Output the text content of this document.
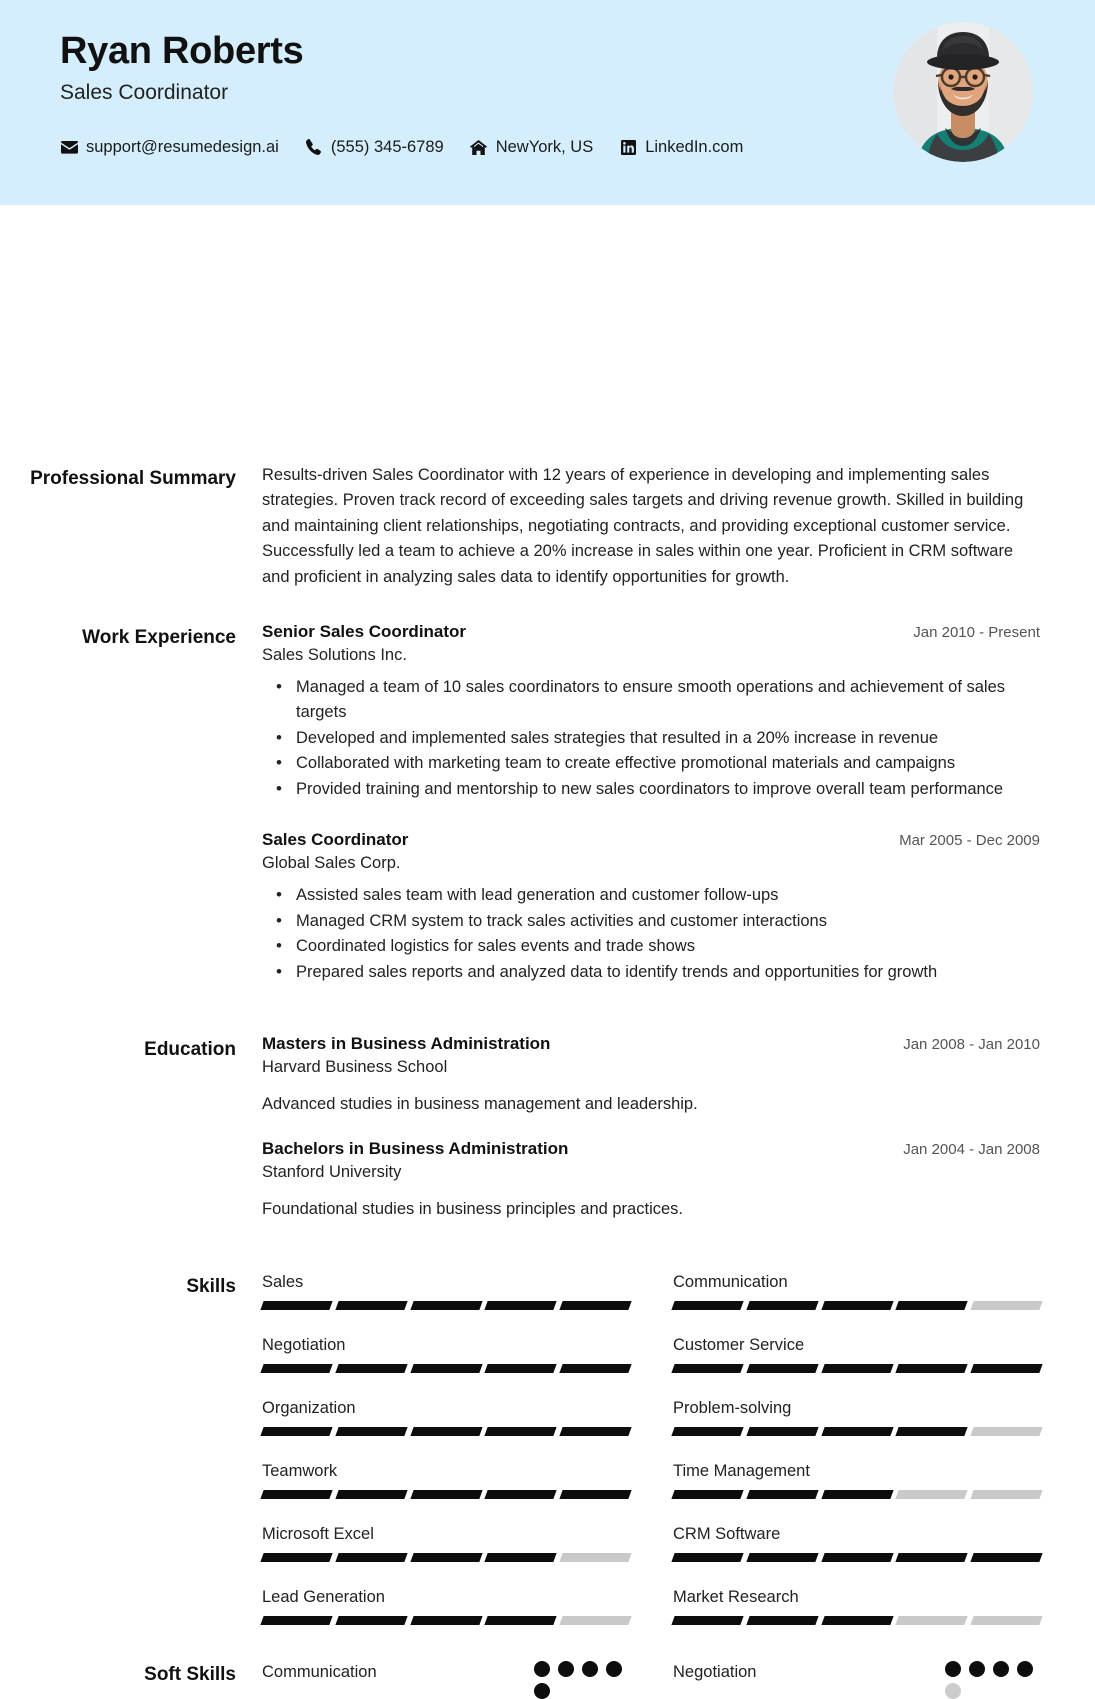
Ryan Roberts
Sales Coordinator
support@resumedesign.ai	(555) 345-6789	NewYork, US	LinkedIn.com
Professional Summary Results-driven Sales Coordinator with 12 years of experience in developing and implementing sales strategies. Proven track record of exceeding sales targets and driving revenue growth. Skilled in building and maintaining client relationships, negotiating contracts, and providing exceptional customer service. Successfully led a team to achieve a 20% increase in sales within one year. Proficient in CRM software and proficient in analyzing sales data to identify opportunities for growth.
Work Experience Senior Sales Coordinator	Jan 2010 - Present
Sales Solutions Inc.
• Managed a team of 10 sales coordinators to ensure smooth operations and achievement of sales targets
• Developed and implemented sales strategies that resulted in a 20% increase in revenue
• Collaborated with marketing team to create effective promotional materials and campaigns
• Provided training and mentorship to new sales coordinators to improve overall team performance
Sales Coordinator	Mar 2005 - Dec 2009
Global Sales Corp.
• Assisted sales team with lead generation and customer follow-ups
• Managed CRM system to track sales activities and customer interactions
• Coordinated logistics for sales events and trade shows
• Prepared sales reports and analyzed data to identify trends and opportunities for growth
Education Masters in Business Administration	Jan 2008 - Jan 2010
Harvard Business School
Advanced studies in business management and leadership.
Bachelors in Business Administration	Jan 2004 - Jan 2008
Stanford University
Foundational studies in business principles and practices.
Skills Sales	Communication
Negotiation	Customer Service
Organization	Problem-solving
Teamwork	Time Management
Microsoft Excel	CRM Software
Lead Generation	Market Research
Soft Skills Communication	Negotiation
